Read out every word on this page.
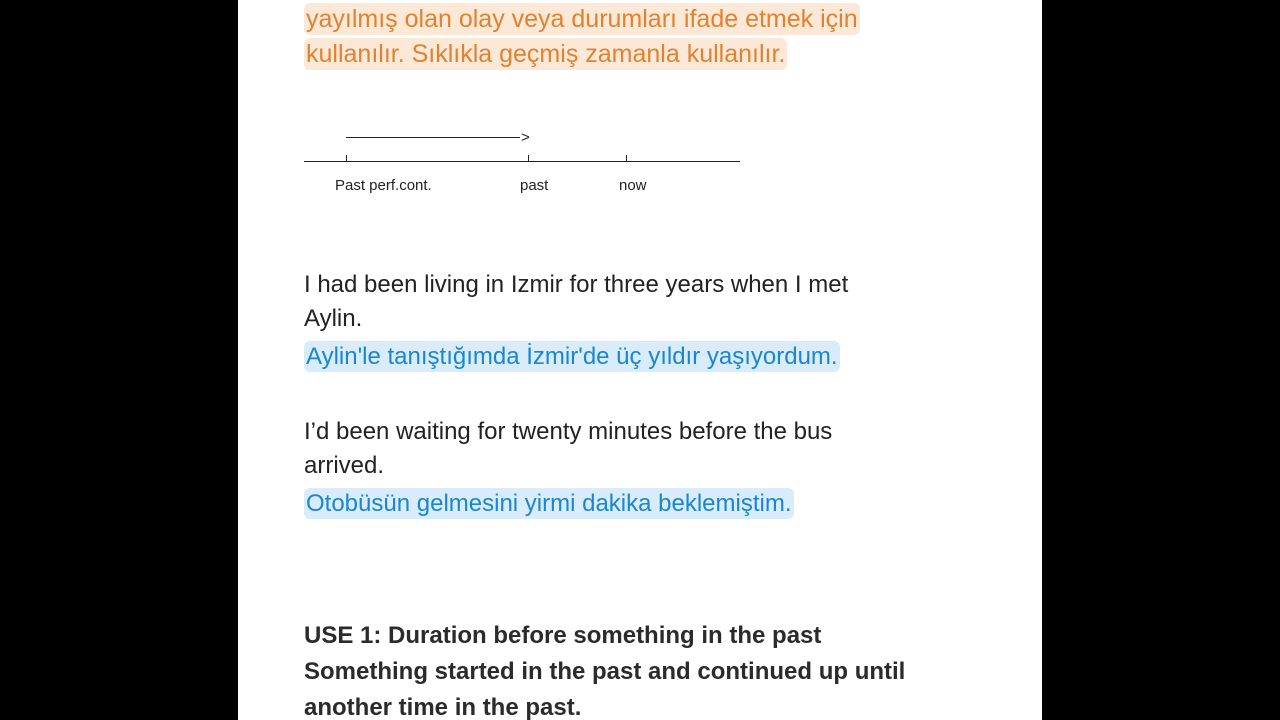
yayılmış olan olay veya durumları ifade etmek için
kullanılır. Sıklıkla geçmiş zamanla kullanılır.
>
Past perf.cont.	past	now
I had been living in Izmir for three years when I met Aylin.
Aylin'le tanıştığımda İzmir'de üç yıldır yaşıyordum.
I’d been waiting for twenty minutes before the bus arrived.
Otobüsün gelmesini yirmi dakika beklemiştim.
USE 1: Duration before something in the past
Something started in the past and continued up until another time in the past.
